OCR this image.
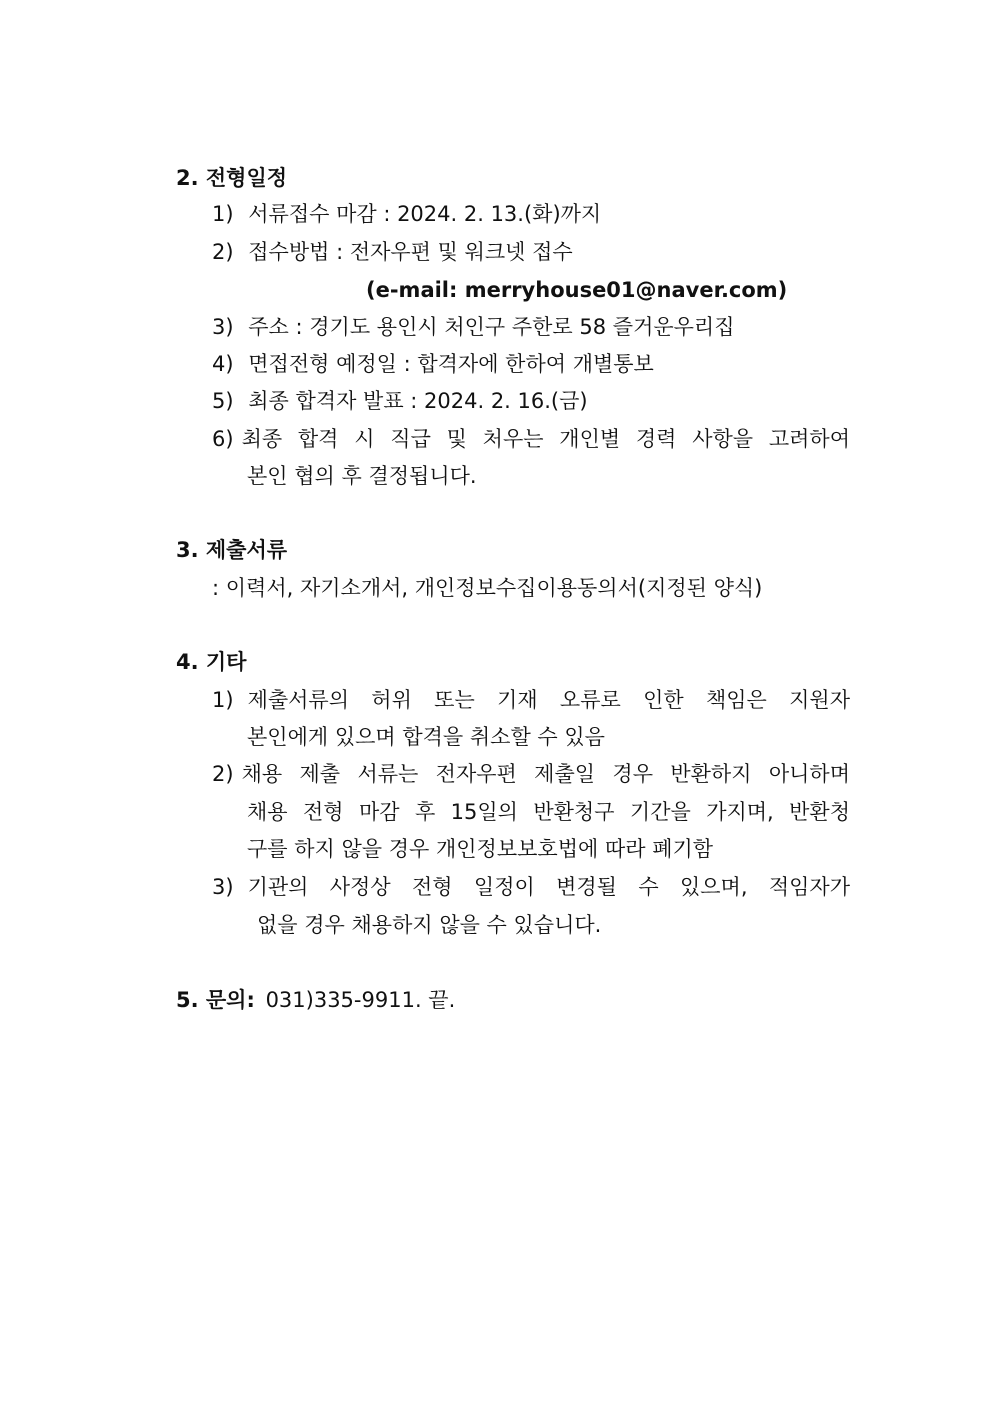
2. 전형일정
1) 서류접수 마감 : 2024. 2. 13.(화)까지
2) 접수방법 : 전자우편 및 워크넷 접수
(e-mail: merryhouse01@naver.com)
3) 주소 : 경기도 용인시 처인구 주한로 58 즐거운우리집
4) 면접전형 예정일 : 합격자에 한하여 개별통보
5) 최종 합격자 발표 : 2024. 2. 16.(금)
6) 최종 합격 시 직급 및 처우는 개인별 경력 사항을 고려하여
본인 협의 후 결정됩니다.
3. 제출서류
: 이력서, 자기소개서, 개인정보수집이용동의서(지정된 양식)
4. 기타
1) 제출서류의 허위 또는 기재 오류로 인한 책임은 지원자
본인에게 있으며 합격을 취소할 수 있음
2) 채용 제출 서류는 전자우편 제출일 경우 반환하지 아니하며
채용 전형 마감 후 15일의 반환청구 기간을 가지며, 반환청
구를 하지 않을 경우 개인정보보호법에 따라 폐기함
3) 기관의 사정상 전형 일정이 변경될 수 있으며, 적임자가
없을 경우 채용하지 않을 수 있습니다.
5. 문의: 031)335-9911. 끝.
